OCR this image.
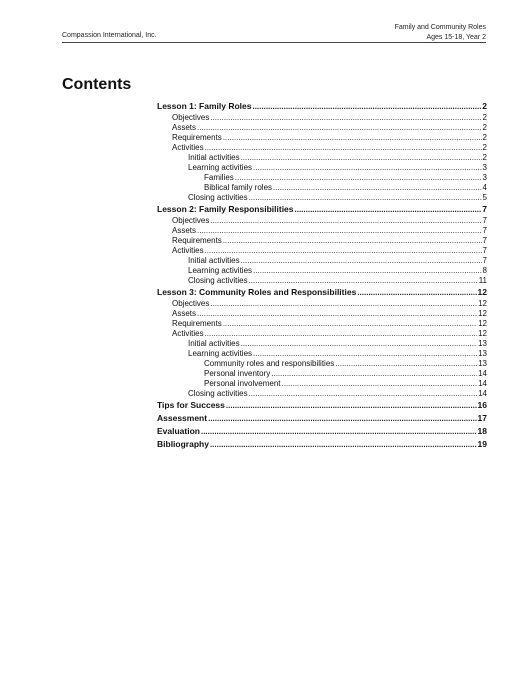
Compassion International, Inc.
Family and Community Roles
Ages 15-18, Year 2
Contents
Lesson 1: Family Roles .....	2
Objectives .....	2
Assets .....	2
Requirements .....	2
Activities .....	2
Initial activities .....	2
Learning activities .....	3
Families .....	3
Biblical family roles .....	4
Closing activities .....	5
Lesson 2: Family Responsibilities .....	7
Objectives .....	7
Assets .....	7
Requirements .....	7
Activities .....	7
Initial activities .....	7
Learning activities .....	8
Closing activities .....	11
Lesson 3: Community Roles and Responsibilities .....	12
Objectives .....	12
Assets .....	12
Requirements .....	12
Activities .....	12
Initial activities .....	13
Learning activities .....	13
Community roles and responsibilities .....	13
Personal inventory .....	14
Personal involvement .....	14
Closing activities .....	14
Tips for Success .....	16
Assessment .....	17
Evaluation .....	18
Bibliography .....	19
